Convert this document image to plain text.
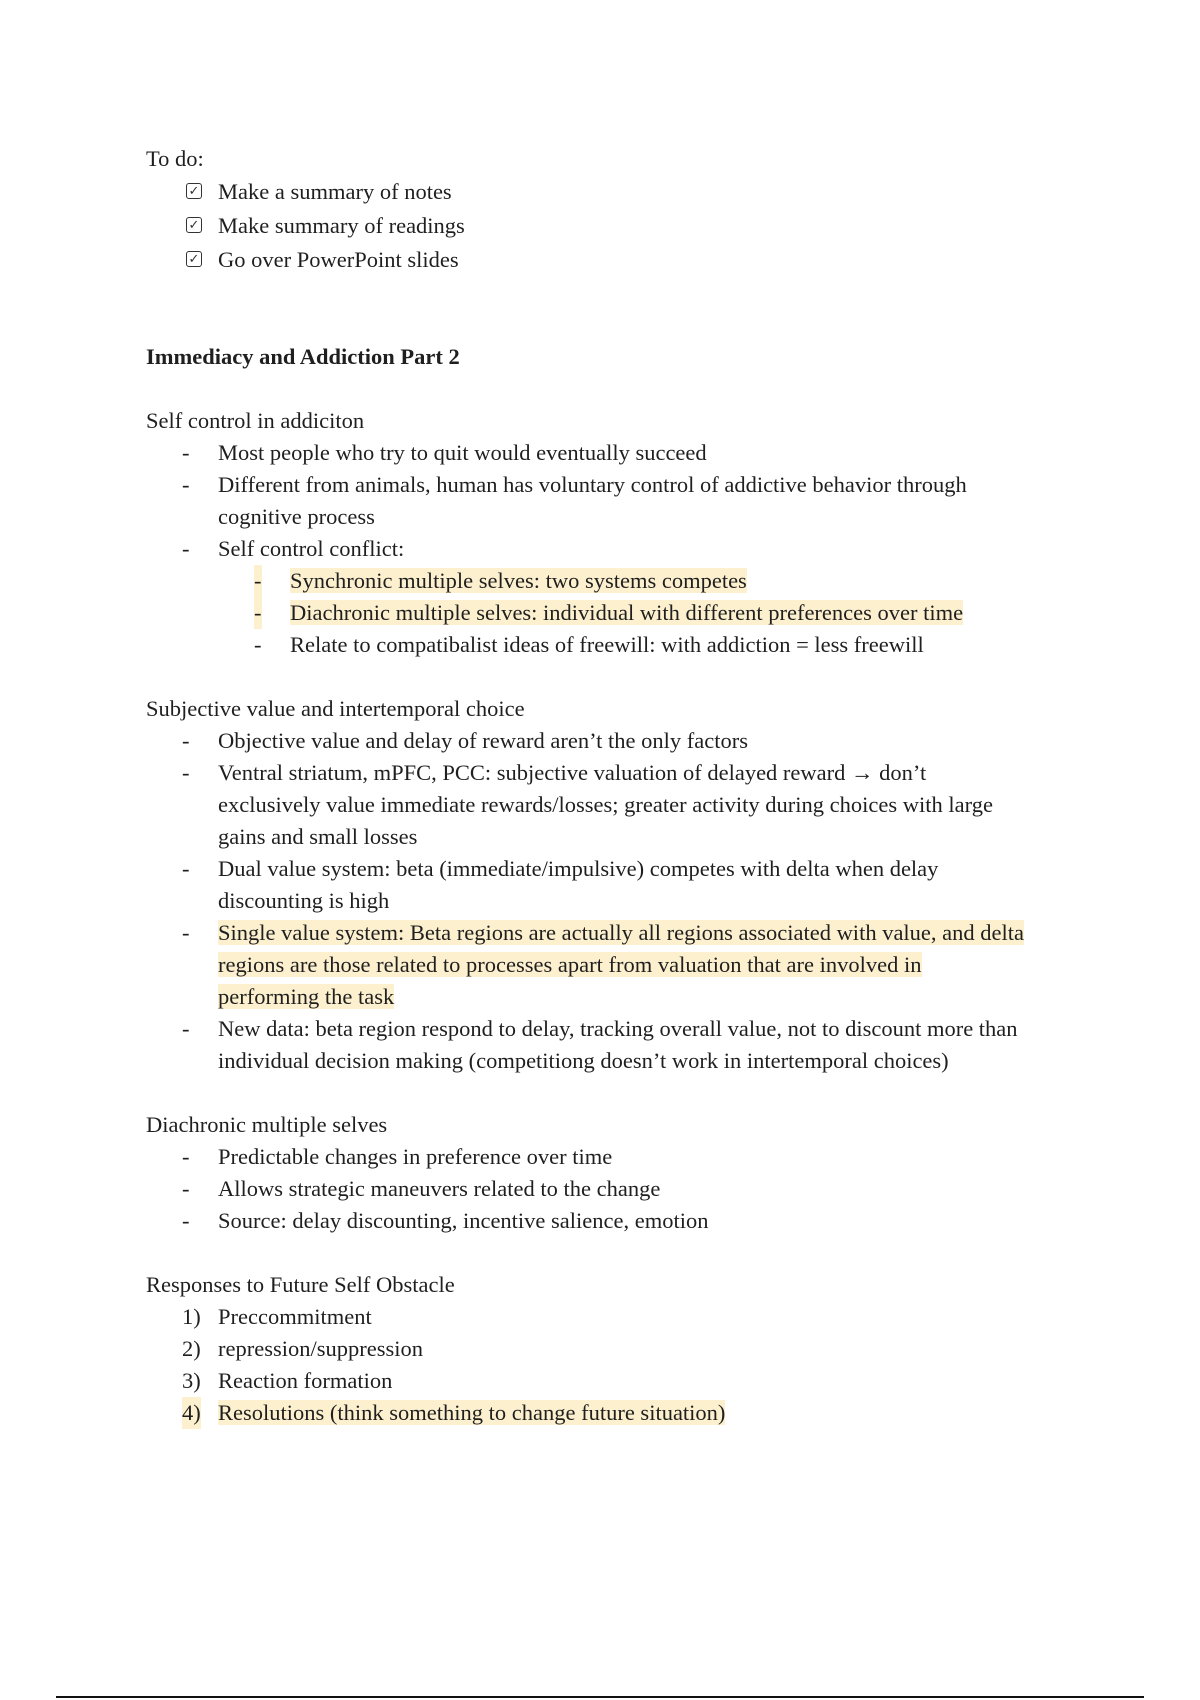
To do:
✓ Make a summary of notes
✓ Make summary of readings
✓ Go over PowerPoint slides
Immediacy and Addiction Part 2
Self control in addiciton
- Most people who try to quit would eventually succeed
- Different from animals, human has voluntary control of addictive behavior through
cognitive process
- Self control conflict:
- Synchronic multiple selves: two systems competes
- Diachronic multiple selves: individual with different preferences over time
- Relate to compatibalist ideas of freewill: with addiction = less freewill
Subjective value and intertemporal choice
- Objective value and delay of reward aren’t the only factors
- Ventral striatum, mPFC, PCC: subjective valuation of delayed reward → don’t
exclusively value immediate rewards/losses; greater activity during choices with large
gains and small losses
- Dual value system: beta (immediate/impulsive) competes with delta when delay
discounting is high
- Single value system: Beta regions are actually all regions associated with value, and delta
regions are those related to processes apart from valuation that are involved in
performing the task
- New data: beta region respond to delay, tracking overall value, not to discount more than
individual decision making (competitiong doesn’t work in intertemporal choices)
Diachronic multiple selves
- Predictable changes in preference over time
- Allows strategic maneuvers related to the change
- Source: delay discounting, incentive salience, emotion
Responses to Future Self Obstacle
1) Preccommitment
2) repression/suppression
3) Reaction formation
4) Resolutions (think something to change future situation)
